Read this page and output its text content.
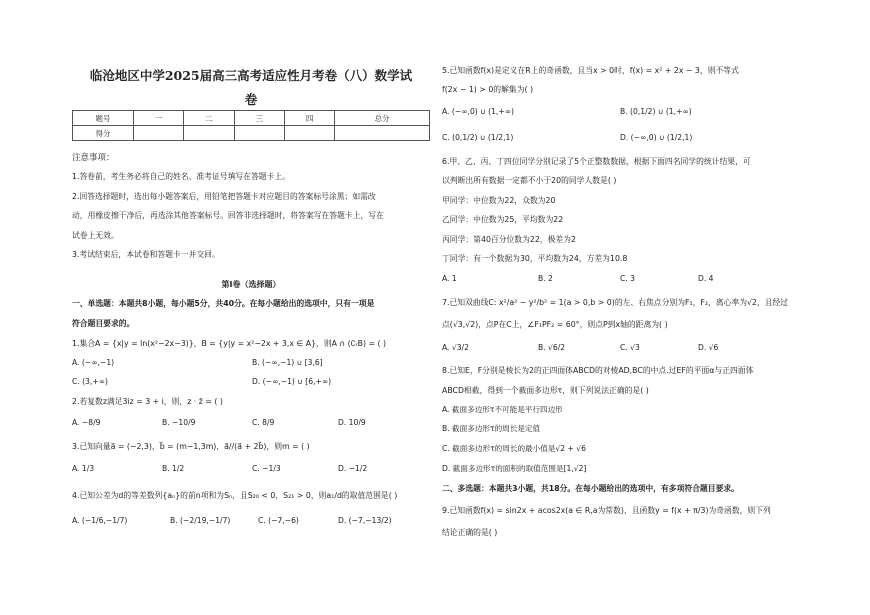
临沧地区中学2025届高三高考适应性月考卷（八）数学试
卷
题号	一	二	三	四	总分
得分					
注意事项：
1.答卷前，考生务必将自己的姓名、准考证号填写在答题卡上。
2.回答选择题时，选出每小题答案后，用铅笔把答题卡对应题目的答案标号涂黑；如需改
动，用橡皮擦干净后，再选涂其他答案标号。回答非选择题时，将答案写在答题卡上，写在
试卷上无效。
3.考试结束后，本试卷和答题卡一并交回。
第Ⅰ卷（选择题）
一、单选题：本题共8小题，每小题5分，共40分。在每小题给出的选项中，只有一项是
符合题目要求的。
1.集合A = {x|y = ln(x²−2x−3)}，B = {y|y = x²−2x + 3,x ∈ A}，则A ∩ (∁ᵣB) = ( )
A. (−∞,−1)	B. (−∞,−1) ∪ [3,6]
C. (3,+∞)	D. (−∞,−1) ∪ [6,+∞)
2.若复数z满足3iz = 3 + i，则，z · z̄ = ( )
A. −8/9	B. −10/9	C. 8/9	D. 10/9
3.已知向量a⃗ = (−2,3)，b⃗ = (m−1,3m)，a⃗//(a⃗ + 2b⃗)，则m = ( )
A. 1/3	B. 1/2	C. −1/3	D. −1/2
4.已知公差为d的等差数列{aₙ}的前n项和为Sₙ，且S₂₀ < 0，S₂₁ > 0，则a₁/d的取值范围是( )
A. (−1/6,−1/7)	B. (−2/19,−1/7)	C. (−7,−6)	D. (−7,−13/2)
5.已知函数f(x)是定义在R上的奇函数，且当x > 0时，f(x) = x² + 2x − 3，则不等式
f(2x − 1) > 0的解集为( )
A. (−∞,0) ∪ (1,+∞)	B. (0,1/2) ∪ (1,+∞)
C. (0,1/2) ∪ (1/2,1)	D. (−∞,0) ∪ (1/2,1)
6.甲、乙、丙、丁四位同学分别记录了5个正整数数据，根据下面四名同学的统计结果，可
以判断出所有数据一定都不小于20的同学人数是( )
甲同学：中位数为22，众数为20
乙同学：中位数为25，平均数为22
丙同学：第40百分位数为22，极差为2
丁同学：有一个数据为30，平均数为24，方差为10.8
A. 1	B. 2	C. 3	D. 4
7.已知双曲线C: x²/a² − y²/b² = 1(a > 0,b > 0)的左、右焦点分别为F₁，F₂，离心率为√2，且经过
点(√3,√2)，点P在C上，∠F₁PF₂ = 60°，则点P到x轴的距离为( )
A. √3/2	B. √6/2	C. √3	D. √6
8.已知E，F分别是棱长为2的正四面体ABCD的对棱AD,BC的中点.过EF的平面α与正四面体
ABCD相截，得到一个截面多边形τ，则下列说法正确的是( )
A. 截面多边形τ不可能是平行四边形
B. 截面多边形τ的周长是定值
C. 截面多边形τ的周长的最小值是√2 + √6
D. 截面多边形τ的面积的取值范围是[1,√2]
二、多选题：本题共3小题，共18分。在每小题给出的选项中，有多项符合题目要求。
9.已知函数f(x) = sin2x + acos2x(a ∈ R,a为常数)，且函数y = f(x + π/3)为奇函数，则下列
结论正确的是( )
